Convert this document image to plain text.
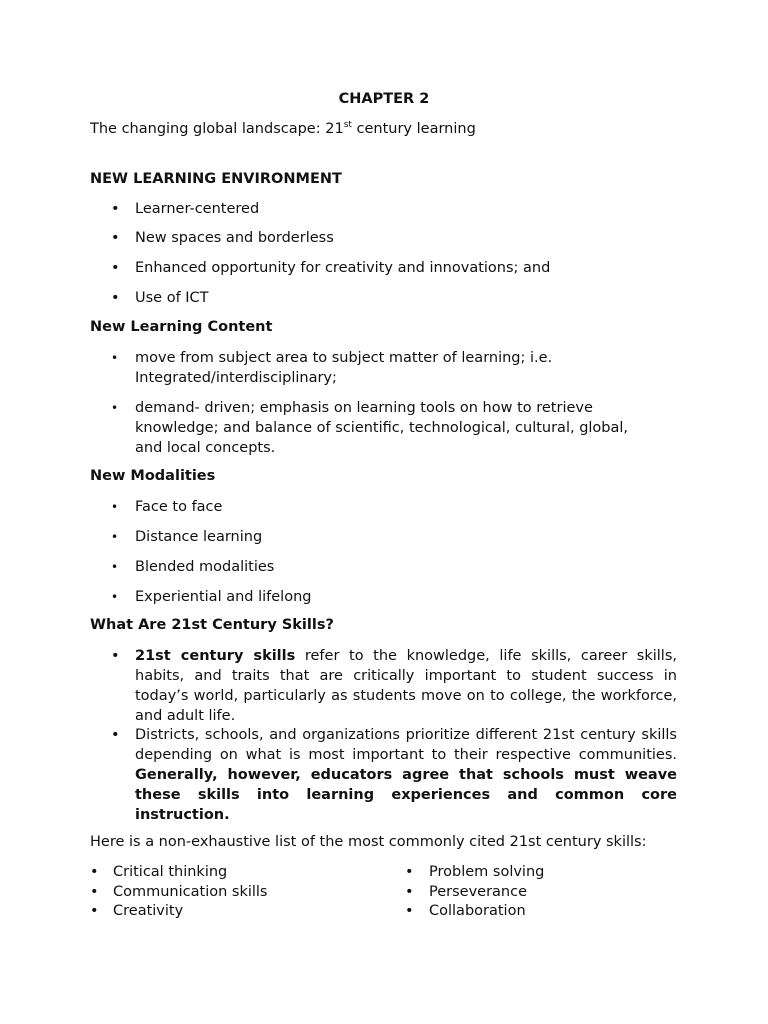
CHAPTER 2
The changing global landscape: 21st century learning
NEW LEARNING ENVIRONMENT
• Learner-centered
• New spaces and borderless
• Enhanced opportunity for creativity and innovations; and
• Use of ICT
New Learning Content
• move from subject area to subject matter of learning; i.e. Integrated/interdisciplinary;
• demand- driven; emphasis on learning tools on how to retrieve knowledge; and balance of scientific, technological, cultural, global, and local concepts.
New Modalities
• Face to face
• Distance learning
• Blended modalities
• Experiential and lifelong
What Are 21st Century Skills?
• 21st century skills refer to the knowledge, life skills, career skills, habits, and traits that are critically important to student success in today’s world, particularly as students move on to college, the workforce, and adult life.
• Districts, schools, and organizations prioritize different 21st century skills depending on what is most important to their respective communities. Generally, however, educators agree that schools must weave these skills into learning experiences and common core instruction.
Here is a non-exhaustive list of the most commonly cited 21st century skills:
• Critical thinking
• Communication skills
• Creativity
• Problem solving
• Perseverance
• Collaboration
